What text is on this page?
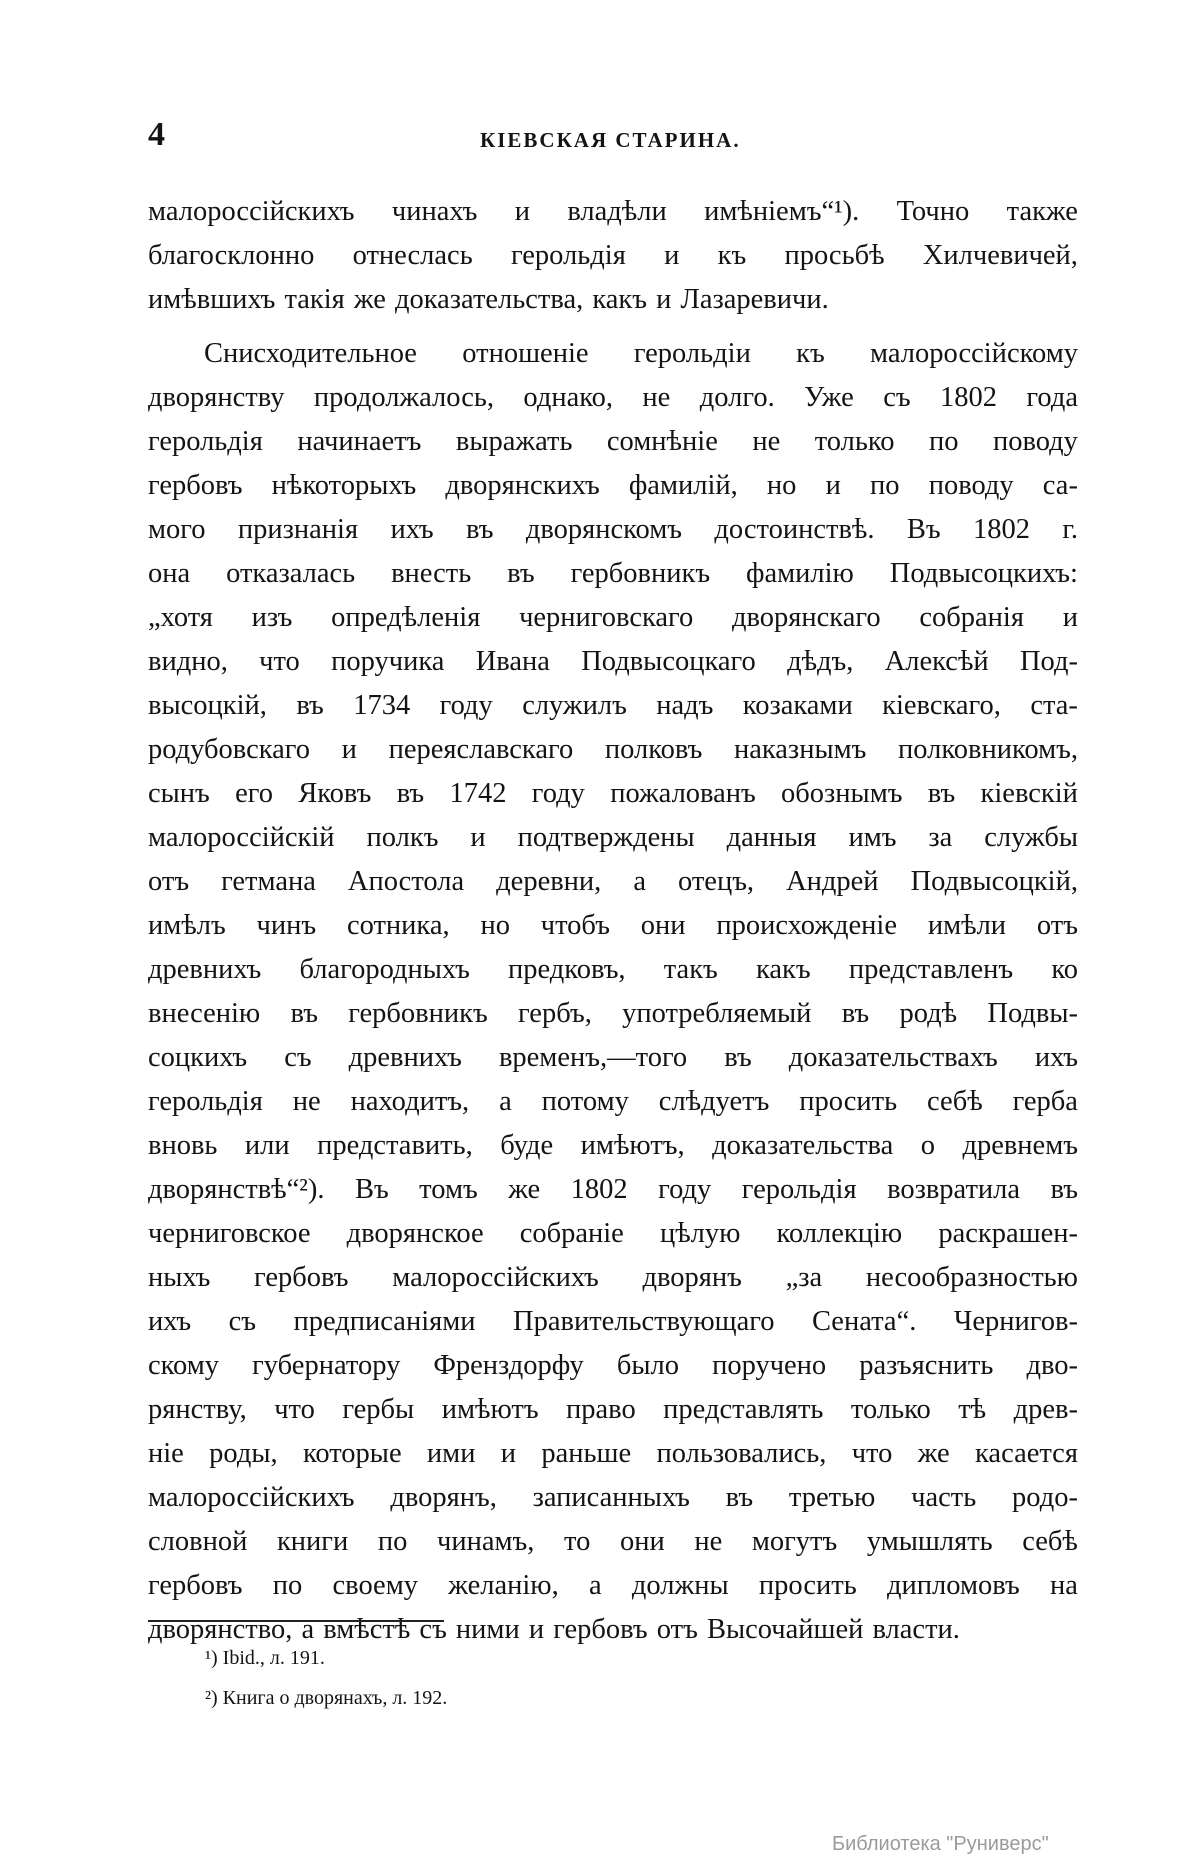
4	КІЕВСКАЯ СТАРИНА.
малороссійскихъ чинахъ и владѣли имѣніемъ“¹). Точно также
благосклонно отнеслась герольдія и къ просьбѣ Хилчевичей,
имѣвшихъ такія же доказательства, какъ и Лазаревичи.
Снисходительное отношеніе герольдіи къ малороссійскому
дворянству продолжалось, однако, не долго. Уже съ 1802 года
герольдія начинаетъ выражать сомнѣніе не только по поводу
гербовъ нѣкоторыхъ дворянскихъ фамилій, но и по поводу са-
мого признанія ихъ въ дворянскомъ достоинствѣ. Въ 1802 г.
она отказалась внесть въ гербовникъ фамилію Подвысоцкихъ:
„хотя изъ опредѣленія черниговскаго дворянскаго собранія и
видно, что поручика Ивана Подвысоцкаго дѣдъ, Алексѣй Под-
высоцкій, въ 1734 году служилъ надъ козаками кіевскаго, ста-
родубовскаго и переяславскаго полковъ наказнымъ полковникомъ,
сынъ его Яковъ въ 1742 году пожалованъ обознымъ въ кіевскій
малороссійскій полкъ и подтверждены данныя имъ за службы
отъ гетмана Апостола деревни, а отецъ, Андрей Подвысоцкій,
имѣлъ чинъ сотника, но чтобъ они происхожденіе имѣли отъ
древнихъ благородныхъ предковъ, такъ какъ представленъ ко
внесенію въ гербовникъ гербъ, употребляемый въ родѣ Подвы-
соцкихъ съ древнихъ временъ,—того въ доказательствахъ ихъ
герольдія не находитъ, а потому слѣдуетъ просить себѣ герба
вновь или представить, буде имѣютъ, доказательства о древнемъ
дворянствѣ“²). Въ томъ же 1802 году герольдія возвратила въ
черниговское дворянское собраніе цѣлую коллекцію раскрашен-
ныхъ гербовъ малороссійскихъ дворянъ „за несообразностью
ихъ съ предписаніями Правительствующаго Сената“. Чернигов-
скому губернатору Френздорфу было поручено разъяснить дво-
рянству, что гербы имѣютъ право представлять только тѣ древ-
ніе роды, которые ими и раньше пользовались, что же касается
малороссійскихъ дворянъ, записанныхъ въ третью часть родо-
словной книги по чинамъ, то они не могутъ умышлять себѣ
гербовъ по своему желанію, а должны просить дипломовъ на
дворянство, а вмѣстѣ съ ними и гербовъ отъ Высочайшей власти.
¹) Ibid., л. 191.
²) Книга о дворянахъ, л. 192.
Библиотека "Руниверс"
